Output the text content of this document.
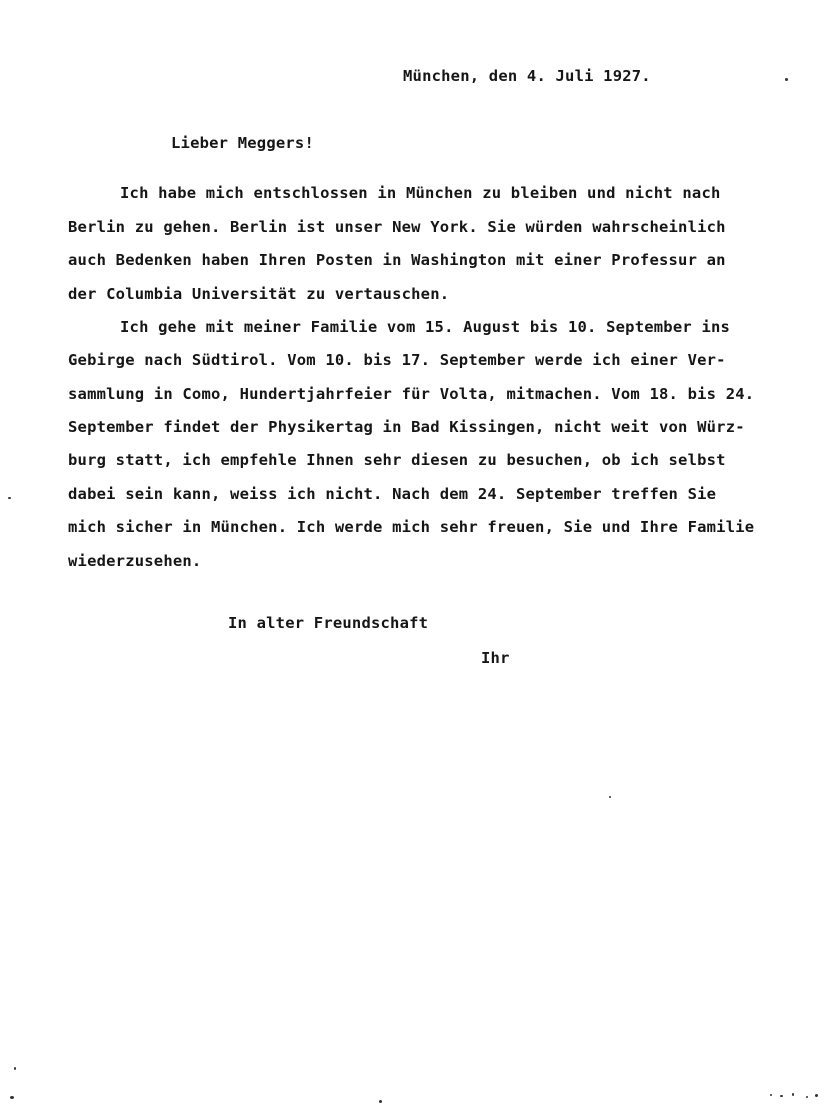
München, den 4. Juli 1927.
Lieber Meggers!
Ich habe mich entschlossen in München zu bleiben und nicht nach
Berlin zu gehen. Berlin ist unser New York. Sie würden wahrscheinlich
auch Bedenken haben Ihren Posten in Washington mit einer Professur an
der Columbia Universität zu vertauschen.
Ich gehe mit meiner Familie vom 15. August bis 10. September ins
Gebirge nach Südtirol. Vom 10. bis 17. September werde ich einer Ver-
sammlung in Como, Hundertjahrfeier für Volta, mitmachen. Vom 18. bis 24.
September findet der Physikertag in Bad Kissingen, nicht weit von Würz-
burg statt, ich empfehle Ihnen sehr diesen zu besuchen, ob ich selbst
dabei sein kann, weiss ich nicht. Nach dem 24. September treffen Sie
mich sicher in München. Ich werde mich sehr freuen, Sie und Ihre Familie
wiederzusehen.
In alter Freundschaft
Ihr
